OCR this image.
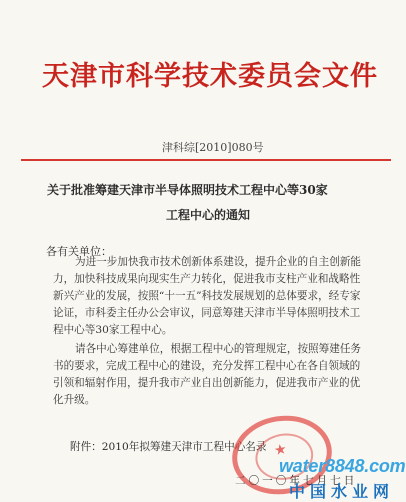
天津市科学技术委员会文件
津科综[2010]080号
关于批准筹建天津市半导体照明技术工程中心等30家
工程中心的通知
各有关单位：
为进一步加快我市技术创新体系建设，提升企业的自主创新能力，加快科技成果向现实生产力转化，促进我市支柱产业和战略性新兴产业的发展，按照“十一五”科技发展规划的总体要求，经专家论证，市科委主任办公会审议，同意筹建天津市半导体照明技术工程中心等30家工程中心。
请各中心筹建单位，根据工程中心的管理规定，按照筹建任务书的要求，完成工程中心的建设，充分发挥工程中心在各自领域的引领和辐射作用，提升我市产业自出创新能力，促进我市产业的优化升级。
附件：2010年拟筹建天津市工程中心名录 ★
二〇一〇年七月七日
water8848.com
中国水业网
